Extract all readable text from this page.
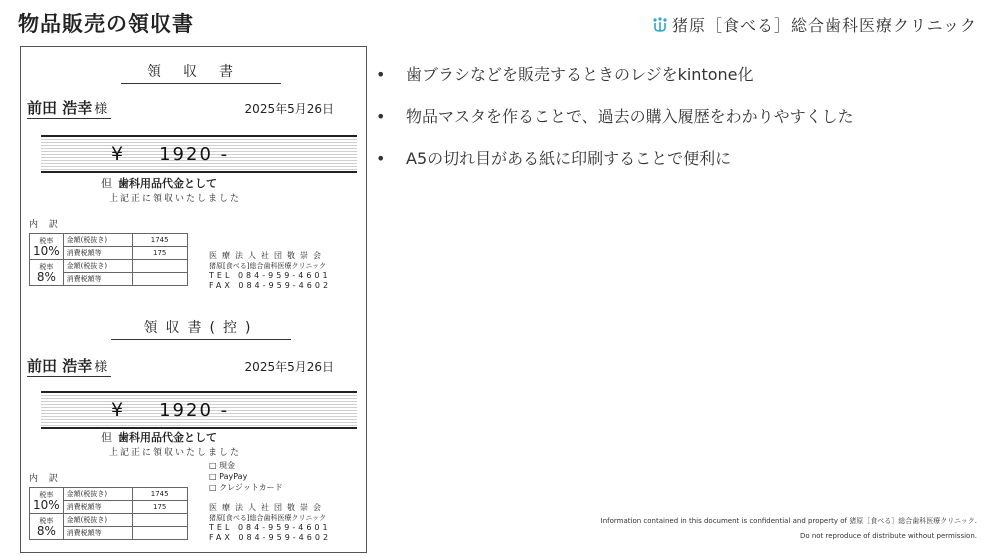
物品販売の領収書	猪原［食べる］総合歯科医療クリニック
領収書
前田 浩幸 様	2025年5月26日
¥ 1920 -
但 歯科用品代金として
上記正に領収いたしました
内 訳
税率
10%	金額(税抜き)	1745
	消費税額等	175
税率
8%	金額(税抜き)	
	消費税額等	
医療法人社団敬崇会
猪原[食べる]総合歯科医療クリニック
TEL 084-959-4601
FAX 084-959-4602
領収書(控)
前田 浩幸 様	2025年5月26日
¥ 1920 -
但 歯科用品代金として
上記正に領収いたしました
□ 現金
□ PayPay
□ クレジットカード
内 訳
税率
10%	金額(税抜き)	1745
	消費税額等	175
税率
8%	金額(税抜き)	
	消費税額等	
医療法人社団敬崇会
猪原[食べる]総合歯科医療クリニック
TEL 084-959-4601
FAX 084-959-4602
• 歯ブラシなどを販売するときのレジをkintone化
• 物品マスタを作ることで、過去の購入履歴をわかりやすくした
• A5の切れ目がある紙に印刷することで便利に
Information contained in this document is confidential and property of 猪原［食べる］総合歯科医療クリニック.
Do not reproduce of distribute without permission.
